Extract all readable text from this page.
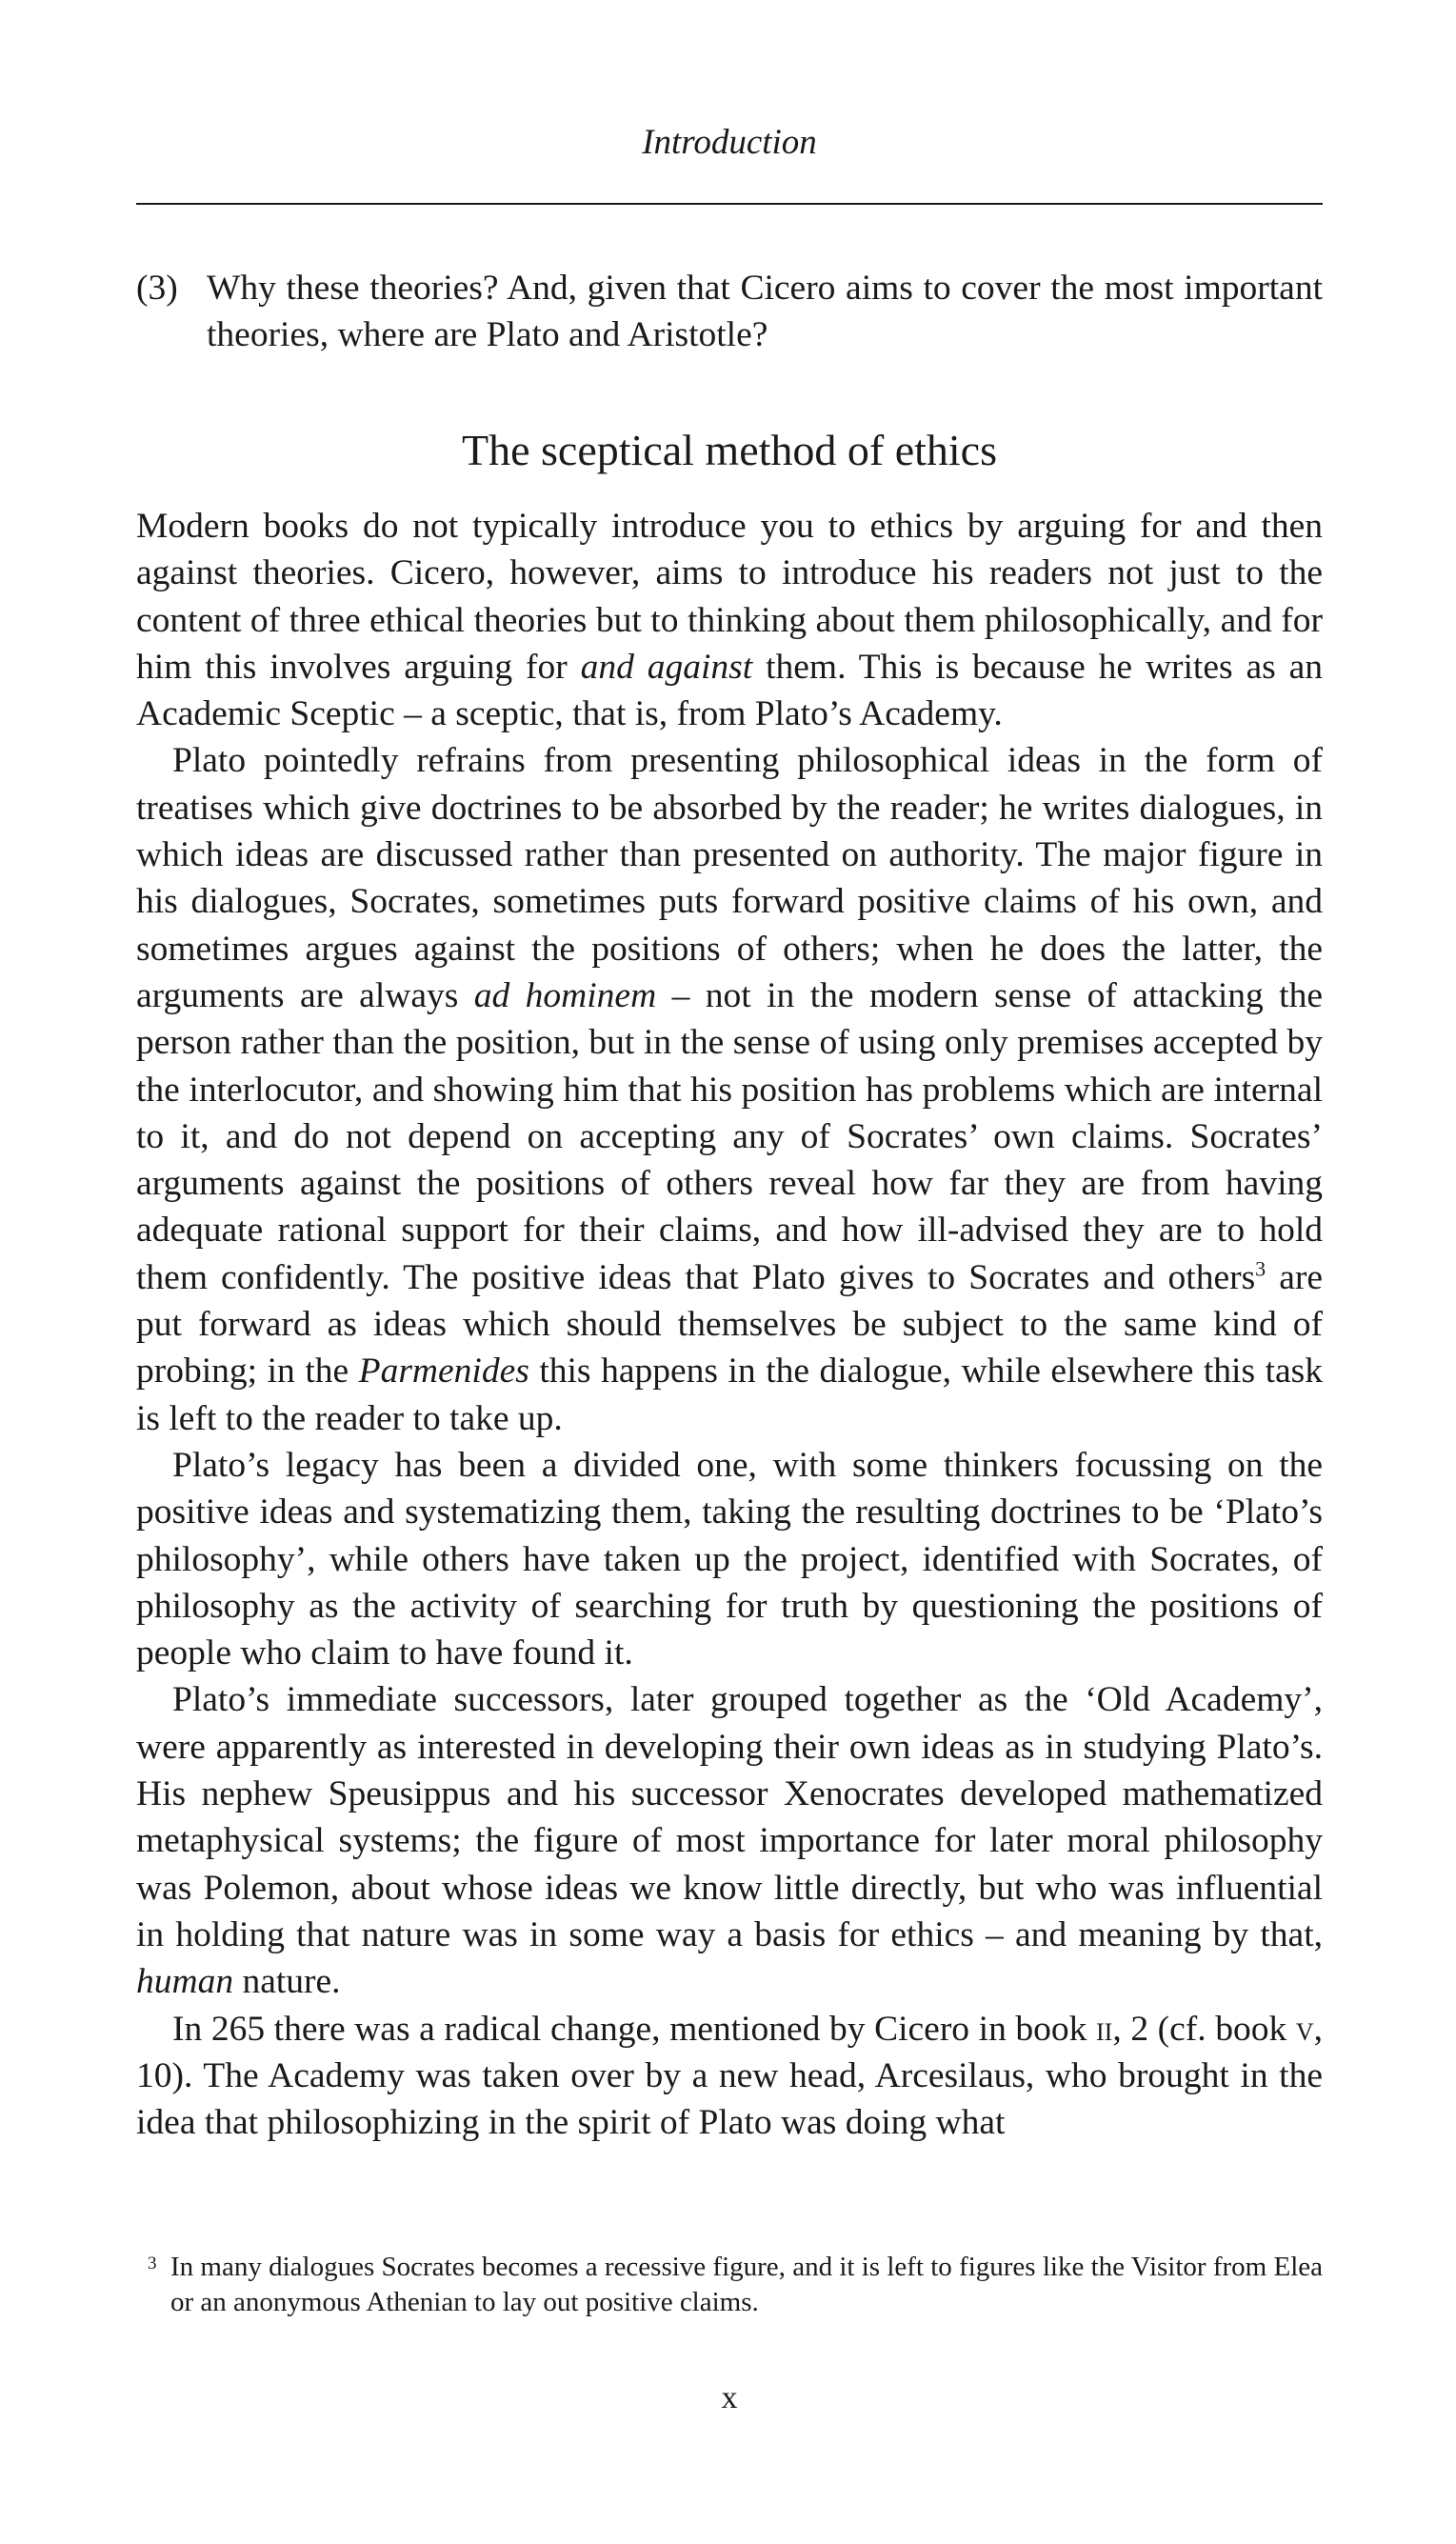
Introduction
(3) Why these theories? And, given that Cicero aims to cover the most important theories, where are Plato and Aristotle?
The sceptical method of ethics

Modern books do not typically introduce you to ethics by arguing for and then against theories. Cicero, however, aims to introduce his readers not just to the content of three ethical theories but to thinking about them philosophically, and for him this involves arguing for and against them. This is because he writes as an Academic Sceptic – a sceptic, that is, from Plato’s Academy.

Plato pointedly refrains from presenting philosophical ideas in the form of treatises which give doctrines to be absorbed by the reader; he writes dialogues, in which ideas are discussed rather than presented on authority. The major figure in his dialogues, Socrates, sometimes puts forward positive claims of his own, and sometimes argues against the positions of others; when he does the latter, the arguments are always ad hominem – not in the modern sense of attacking the person rather than the position, but in the sense of using only premises accepted by the interlocutor, and showing him that his position has problems which are internal to it, and do not depend on accepting any of Socrates’ own claims. Socrates’ arguments against the positions of others reveal how far they are from having adequate rational support for their claims, and how ill-advised they are to hold them confidently. The positive ideas that Plato gives to Socrates and others$^3$ are put forward as ideas which should themselves be subject to the same kind of probing; in the Parmenides this happens in the dialogue, while elsewhere this task is left to the reader to take up.

Plato’s legacy has been a divided one, with some thinkers focussing on the positive ideas and systematizing them, taking the resulting doctrines to be ‘Plato’s philosophy’, while others have taken up the project, identified with Socrates, of philosophy as the activity of searching for truth by questioning the positions of people who claim to have found it.

Plato’s immediate successors, later grouped together as the ‘Old Academy’, were apparently as interested in developing their own ideas as in studying Plato’s. His nephew Speusippus and his successor Xenocrates developed mathematized metaphysical systems; the figure of most importance for later moral philosophy was Polemon, about whose ideas we know little directly, but who was influential in holding that nature was in some way a basis for ethics – and meaning by that, human nature.

In 265 there was a radical change, mentioned by Cicero in book ii, 2 (cf. book v, 10). The Academy was taken over by a new head, Arcesilaus, who brought in the idea that philosophizing in the spirit of Plato was doing what

3 In many dialogues Socrates becomes a recessive figure, and it is left to figures like the Visitor from Elea or an anonymous Athenian to lay out positive claims.
x
